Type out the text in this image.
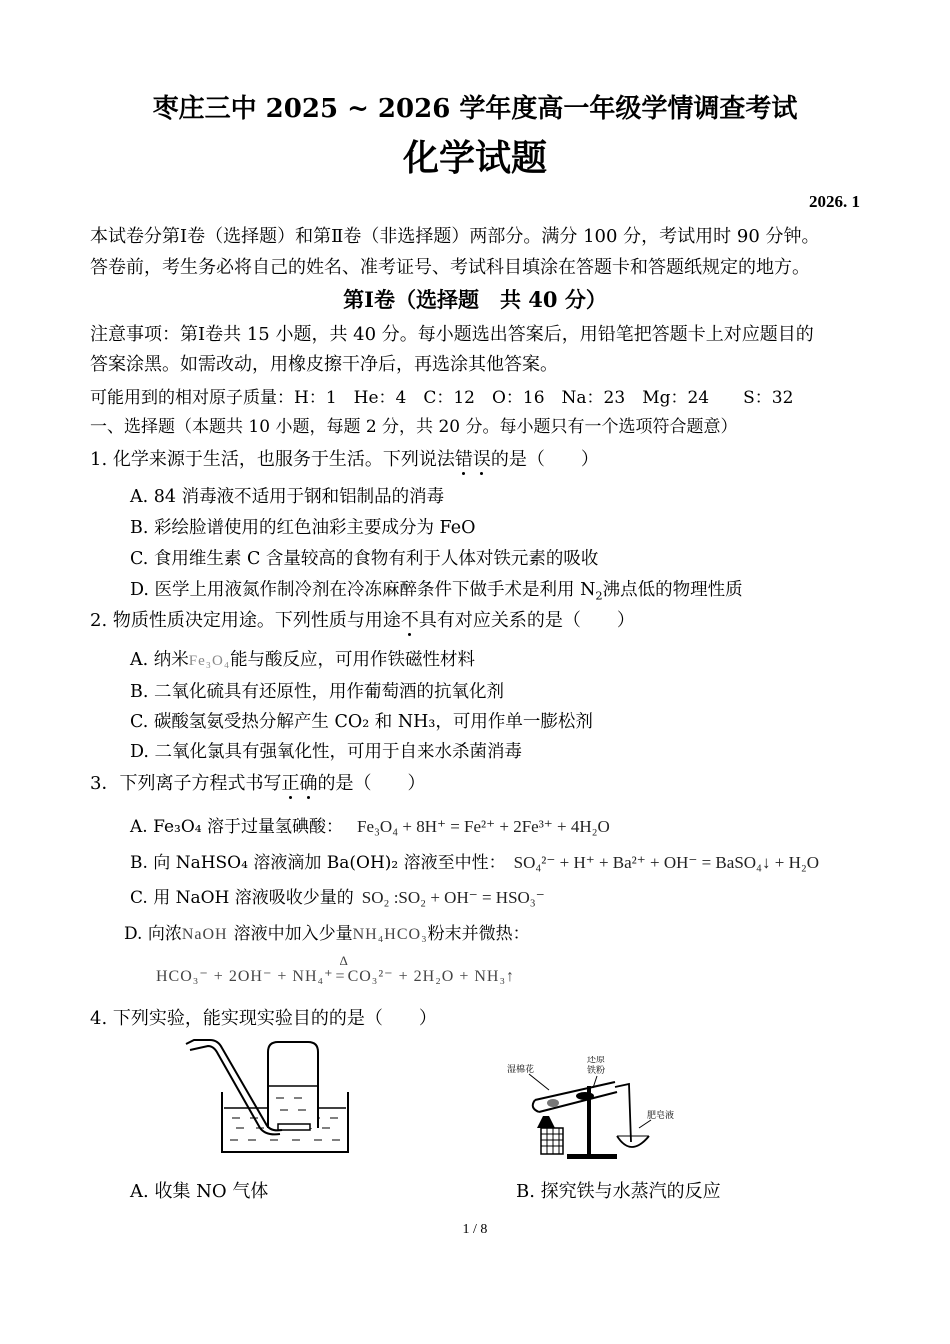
枣庄三中 2025 ~ 2026 学年度高一年级学情调查考试
化学试题
2026. 1
本试卷分第Ⅰ卷（选择题）和第Ⅱ卷（非选择题）两部分。满分 100 分，考试用时 90 分钟。
答卷前，考生务必将自己的姓名、准考证号、考试科目填涂在答题卡和答题纸规定的地方。
第Ⅰ卷（选择题　共 40 分）
注意事项：第Ⅰ卷共 15 小题，共 40 分。每小题选出答案后，用铅笔把答题卡上对应题目的
答案涂黑。如需改动，用橡皮擦干净后，再选涂其他答案。
可能用到的相对原子质量：H：1　He：4　C：12　O：16　Na：23　Mg：24　　S：32
一、选择题（本题共 10 小题，每题 2 分，共 20 分。每小题只有一个选项符合题意）
1. 化学来源于生活，也服务于生活。下列说法错误的是（　　）
A. 84 消毒液不适用于钢和铝制品的消毒
B. 彩绘脸谱使用的红色油彩主要成分为 FeO
C. 食用维生素 C 含量较高的食物有利于人体对铁元素的吸收
D. 医学上用液氮作制冷剂在冷冻麻醉条件下做手术是利用 $N_2$沸点低的物理性质
2. 物质性质决定用途。下列性质与用途不具有对应关系的是（　　）
A. 纳米Fe₃O₄能与酸反应，可用作铁磁性材料
B. 二氧化硫具有还原性，用作葡萄酒的抗氧化剂
C. 碳酸氢氨受热分解产生 CO₂ 和 NH₃，可用作单一膨松剂
D. 二氧化氯具有强氧化性，可用于自来水杀菌消毒
3．下列离子方程式书写正确的是（　　）
A. Fe₃O₄ 溶于过量氢碘酸： Fe₃O₄ + 8H⁺ = Fe²⁺ + 2Fe³⁺ + 4H₂O
B. 向 NaHSO₄ 溶液滴加 Ba(OH)₂ 溶液至中性： SO₄²⁻ + H⁺ + Ba²⁺ + OH⁻ = BaSO₄↓ + H₂O
C. 用 NaOH 溶液吸收少量的 SO₂ :SO₂ + OH⁻ = HSO₃⁻
D. 向浓NaOH 溶液中加入少量NH₄HCO₃粉末并微热：
HCO₃⁻ + 2OH⁻ + NH₄⁺
Δ
= CO₃²⁻ + 2H₂O + NH₃↑
4. 下列实验，能实现实验目的的是（　　）
湿棉花
还原
铁粉
肥皂液
A. 收集 NO 气体	B. 探究铁与水蒸汽的反应
1 / 8
